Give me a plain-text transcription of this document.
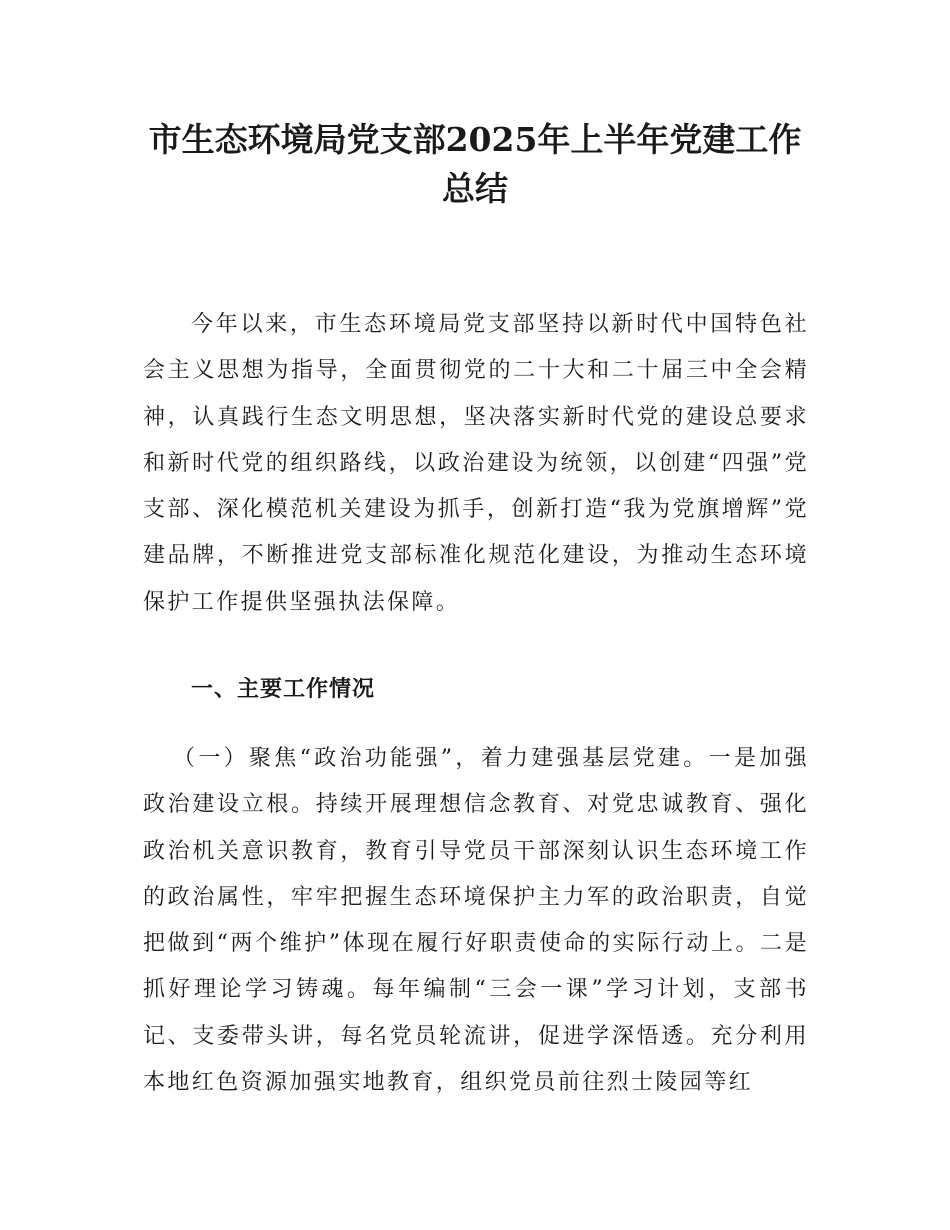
市生态环境局党支部2025年上半年党建工作
总结

今年以来，市生态环境局党支部坚持以新时代中国特色社会主义思想为指导，全面贯彻党的二十大和二十届三中全会精神，认真践行生态文明思想，坚决落实新时代党的建设总要求和新时代党的组织路线，以政治建设为统领，以创建“四强”党支部、深化模范机关建设为抓手，创新打造“我为党旗增辉”党建品牌，不断推进党支部标准化规范化建设，为推动生态环境保护工作提供坚强执法保障。

一、主要工作情况

（一）聚焦“政治功能强”，着力建强基层党建。一是加强政治建设立根。持续开展理想信念教育、对党忠诚教育、强化政治机关意识教育，教育引导党员干部深刻认识生态环境工作的政治属性，牢牢把握生态环境保护主力军的政治职责，自觉把做到“两个维护”体现在履行好职责使命的实际行动上。二是抓好理论学习铸魂。每年编制“三会一课”学习计划，支部书记、支委带头讲，每名党员轮流讲，促进学深悟透。充分利用本地红色资源加强实地教育，组织党员前往烈士陵园等红
